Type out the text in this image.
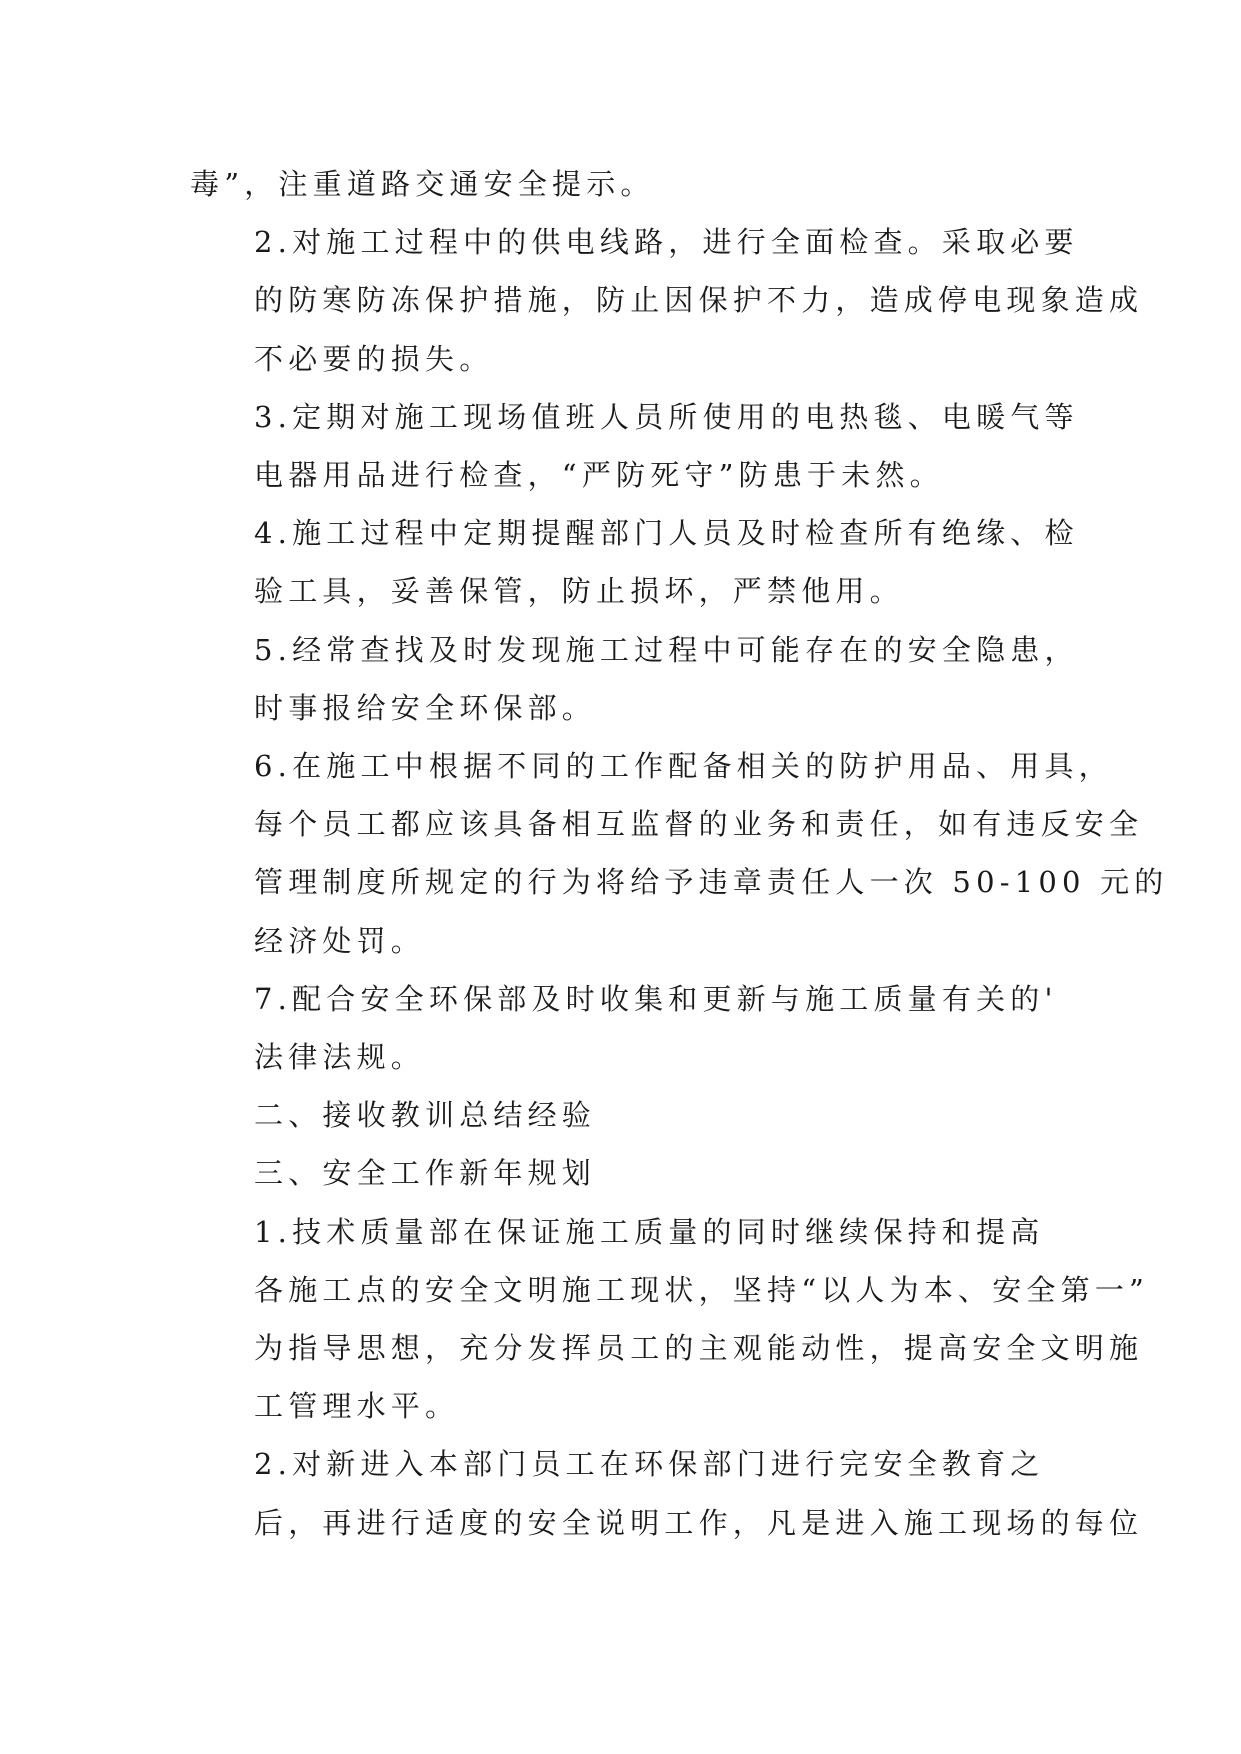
毒”，注重道路交通安全提示。

2.对施工过程中的供电线路，进行全面检查。采取必要
的防寒防冻保护措施，防止因保护不力，造成停电现象造成
不必要的损失。

3.定期对施工现场值班人员所使用的电热毯、电暖气等
电器用品进行检查，“严防死守”防患于未然。

4.施工过程中定期提醒部门人员及时检查所有绝缘、检
验工具，妥善保管，防止损坏，严禁他用。

5.经常查找及时发现施工过程中可能存在的安全隐患，
时事报给安全环保部。

6.在施工中根据不同的工作配备相关的防护用品、用具，
每个员工都应该具备相互监督的业务和责任，如有违反安全
管理制度所规定的行为将给予违章责任人一次 50-100 元的
经济处罚。

7.配合安全环保部及时收集和更新与施工质量有关的'
法律法规。

二、接收教训总结经验

三、安全工作新年规划

1.技术质量部在保证施工质量的同时继续保持和提高
各施工点的安全文明施工现状，坚持“以人为本、安全第一”
为指导思想，充分发挥员工的主观能动性，提高安全文明施
工管理水平。

2.对新进入本部门员工在环保部门进行完安全教育之
后，再进行适度的安全说明工作，凡是进入施工现场的每位
